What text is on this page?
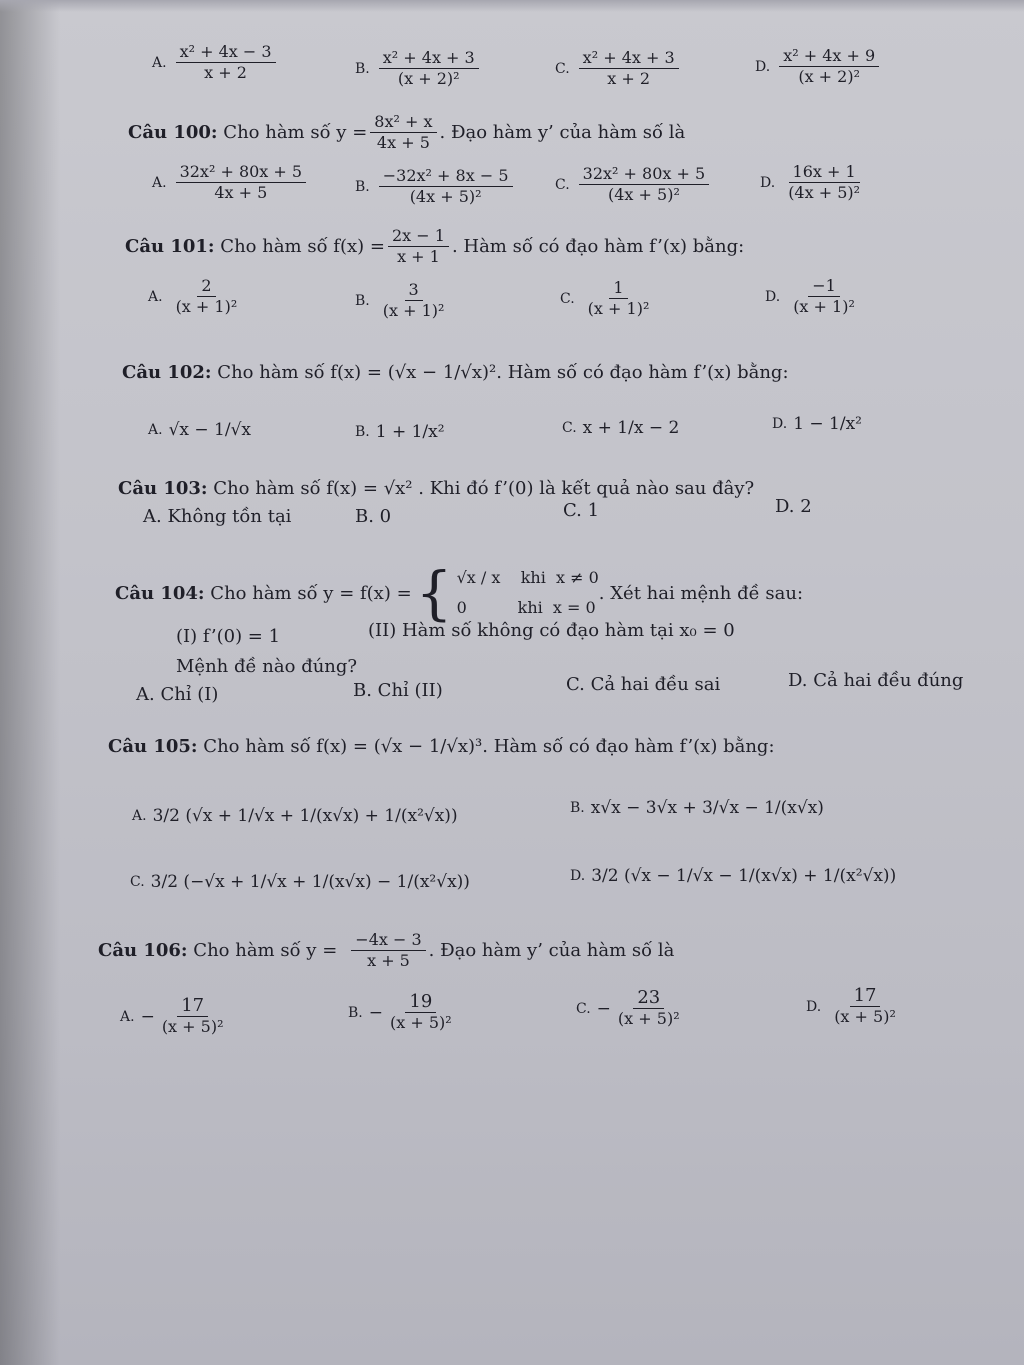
A. $\frac{\text{x² + 4x − 3}}{x + 2}$	B. $\frac{\text{x² + 4x + 3}}{\text{(x + 2)²}}$	C. $\frac{\text{x² + 4x + 3}}{x + 2}$	D. $\frac{\text{x² + 4x + 9}}{\text{(x + 2)²}}$
Câu 100:
Cho hàm số $y = \frac{\text{8x² + x}}{4x + 5}$ . Đạo hàm y’ của hàm số là
A. $\frac{\text{32x² + 80x + 5}}{4x + 5}$	B. $\frac{\text{−32x² + 8x − 5}}{\text{(4x + 5)²}}$	C. $\frac{\text{32x² + 80x + 5}}{\text{(4x + 5)²}}$	D. $\frac{16x + 1}{\text{(4x + 5)²}}$
Câu 101:
Cho hàm số $f(x) = \frac{2x - 1}{x + 1}$ . Hàm số có đạo hàm f’(x) bằng:
A. $\frac{2}{\text{(x + 1)²}}$	B. $\frac{3}{\text{(x + 1)²}}$	C. $\frac{1}{\text{(x + 1)²}}$	D. $\frac{-1}{\text{(x + 1)²}}$
Câu 102: Cho hàm số f(x) = (√x − 1/√x)². Hàm số có đạo hàm f’(x) bằng:
A. √x − 1/√x	B. 1 + 1/x²	C. x + 1/x − 2	D. 1 − 1/x²
Câu 103: Cho hàm số f(x) = √x² . Khi đó f’(0) là kết quả nào sau đây?
A. Không tồn tại	B. 0	C. 1	D. 2
Câu 104:
Cho hàm số y = f(x) = { √x / x    khi  x ≠ 0
0          khi  x = 0
. Xét hai mệnh đề sau:
(I) f’(0) = 1	(II) Hàm số không có đạo hàm tại x₀ = 0
Mệnh đề nào đúng?
A. Chỉ (I)	B. Chỉ (II)	C. Cả hai đều sai	D. Cả hai đều đúng
Câu 105: Cho hàm số f(x) = (√x − 1/√x)³. Hàm số có đạo hàm f’(x) bằng:
A. 3/2 (√x + 1/√x + 1/(x√x) + 1/(x²√x))	B. x√x − 3√x + 3/√x − 1/(x√x)
C. 3/2 (−√x + 1/√x + 1/(x√x) − 1/(x²√x))	D. 3/2 (√x − 1/√x − 1/(x√x) + 1/(x²√x))
Câu 106:
Cho hàm số $y = \frac{-4x - 3}{x + 5}$ . Đạo hàm y’ của hàm số là
A. − $\frac{17}{\text{(x + 5)²}}$	B. − $\frac{19}{\text{(x + 5)²}}$	C. − $\frac{23}{\text{(x + 5)²}}$	D. $\frac{17}{\text{(x + 5)²}}$
